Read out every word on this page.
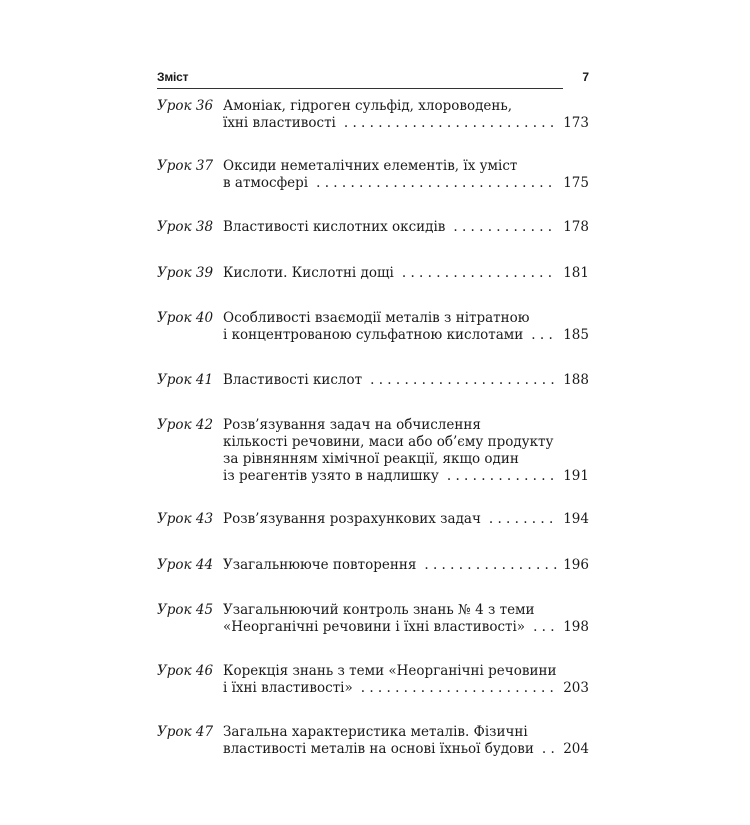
Зміст	7
Урок 36 Амоніак, гідроген сульфід, хлороводень,
їхні властивості . . .	173
Урок 37 Оксиди неметалічних елементів, їх уміст
в атмосфері . . .	175
Урок 38 Властивості кислотних оксидів . . .	178
Урок 39 Кислоти. Кислотні дощі . . .	181
Урок 40 Особливості взаємодії металів з нітратною
і концентрованою сульфатною кислотами . . .	185
Урок 41 Властивості кислот . . .	188
Урок 42 Розв’язування задач на обчислення
кількості речовини, маси або об’єму продукту
за рівнянням хімічної реакції, якщо один
із реагентів узято в надлишку . . .	191
Урок 43 Розв’язування розрахункових задач . . .	194
Урок 44 Узагальнююче повторення . . .	196
Урок 45 Узагальнюючий контроль знань № 4 з теми
«Неорганічні речовини і їхні властивості» . . .	198
Урок 46 Корекція знань з теми «Неорганічні речовини
і їхні властивості» . . .	203
Урок 47 Загальна характеристика металів. Фізичні
властивості металів на основі їхньої будови . . . 204
